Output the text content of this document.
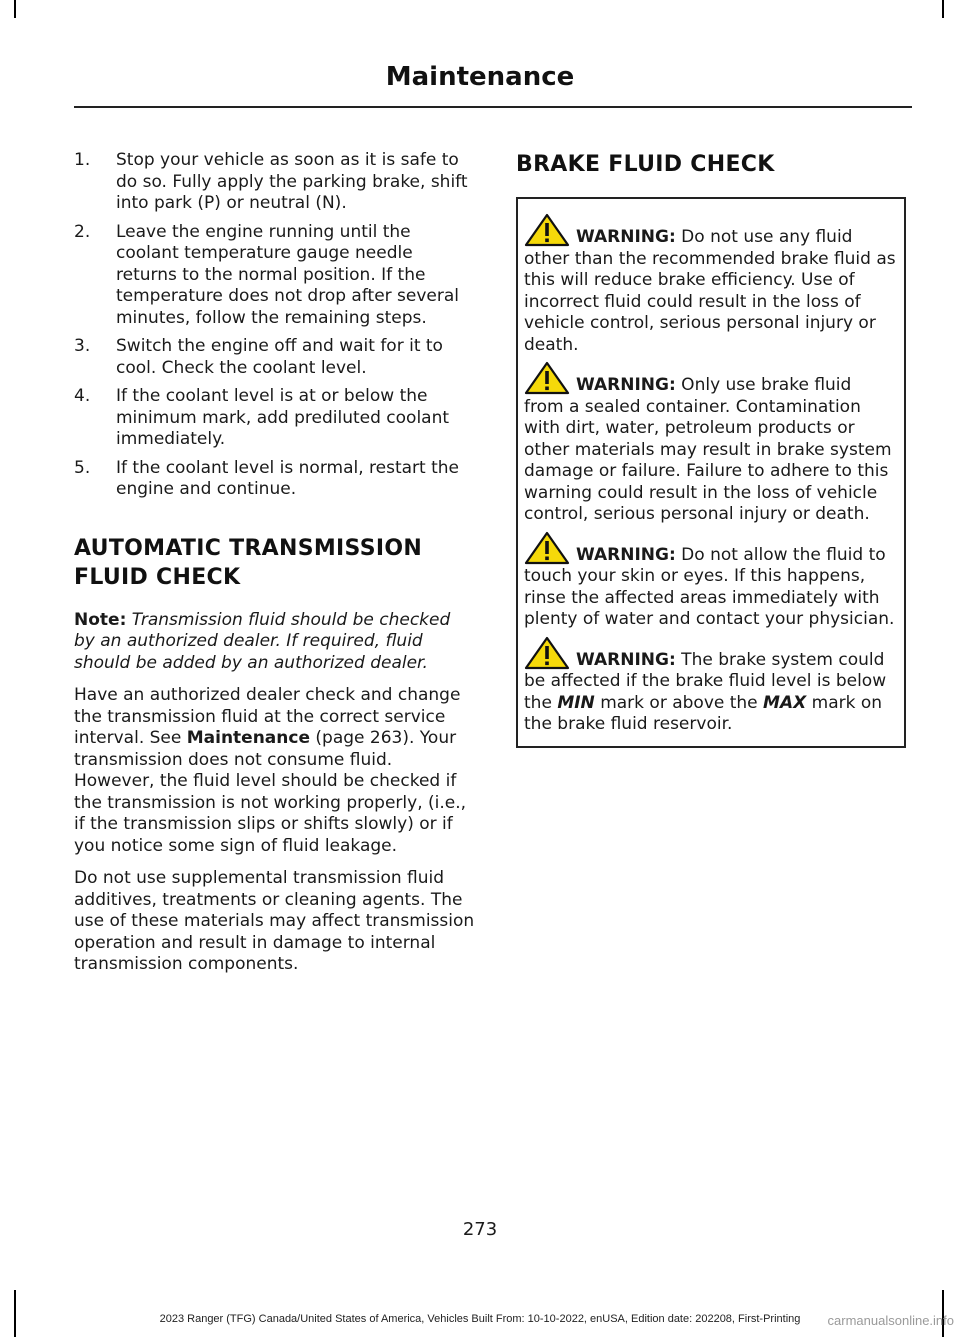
Maintenance
1.	Stop your vehicle as soon as it is safe to do so. Fully apply the parking brake, shift into park (P) or neutral (N).
2.	Leave the engine running until the coolant temperature gauge needle returns to the normal position. If the temperature does not drop after several minutes, follow the remaining steps.
3.	Switch the engine off and wait for it to cool. Check the coolant level.
4.	If the coolant level is at or below the minimum mark, add prediluted coolant immediately.
5.	If the coolant level is normal, restart the engine and continue.
AUTOMATIC TRANSMISSION
FLUID CHECK

Note: Transmission fluid should be checked by an authorized dealer. If required, fluid should be added by an authorized dealer.

Have an authorized dealer check and change the transmission fluid at the correct service interval. See Maintenance (page 263). Your transmission does not consume fluid. However, the fluid level should be checked if the transmission is not working properly, (i.e., if the transmission slips or shifts slowly) or if you notice some sign of fluid leakage.

Do not use supplemental transmission fluid additives, treatments or cleaning agents. The use of these materials may affect transmission operation and result in damage to internal transmission components.

BRAKE FLUID CHECK
WARNING: Do not use any fluid other than the recommended brake fluid as this will reduce brake efficiency. Use of incorrect fluid could result in the loss of vehicle control, serious personal injury or death.
WARNING: Only use brake fluid from a sealed container. Contamination with dirt, water, petroleum products or other materials may result in brake system damage or failure. Failure to adhere to this warning could result in the loss of vehicle control, serious personal injury or death.
WARNING: Do not allow the fluid to touch your skin or eyes. If this happens, rinse the affected areas immediately with plenty of water and contact your physician.
WARNING: The brake system could be affected if the brake fluid level is below the MIN mark or above the MAX mark on the brake fluid reservoir.
273
2023 Ranger (TFG) Canada/United States of America, Vehicles Built From: 10-10-2022, enUSA, Edition date: 202208, First-Printing	carmanualsonline.info
